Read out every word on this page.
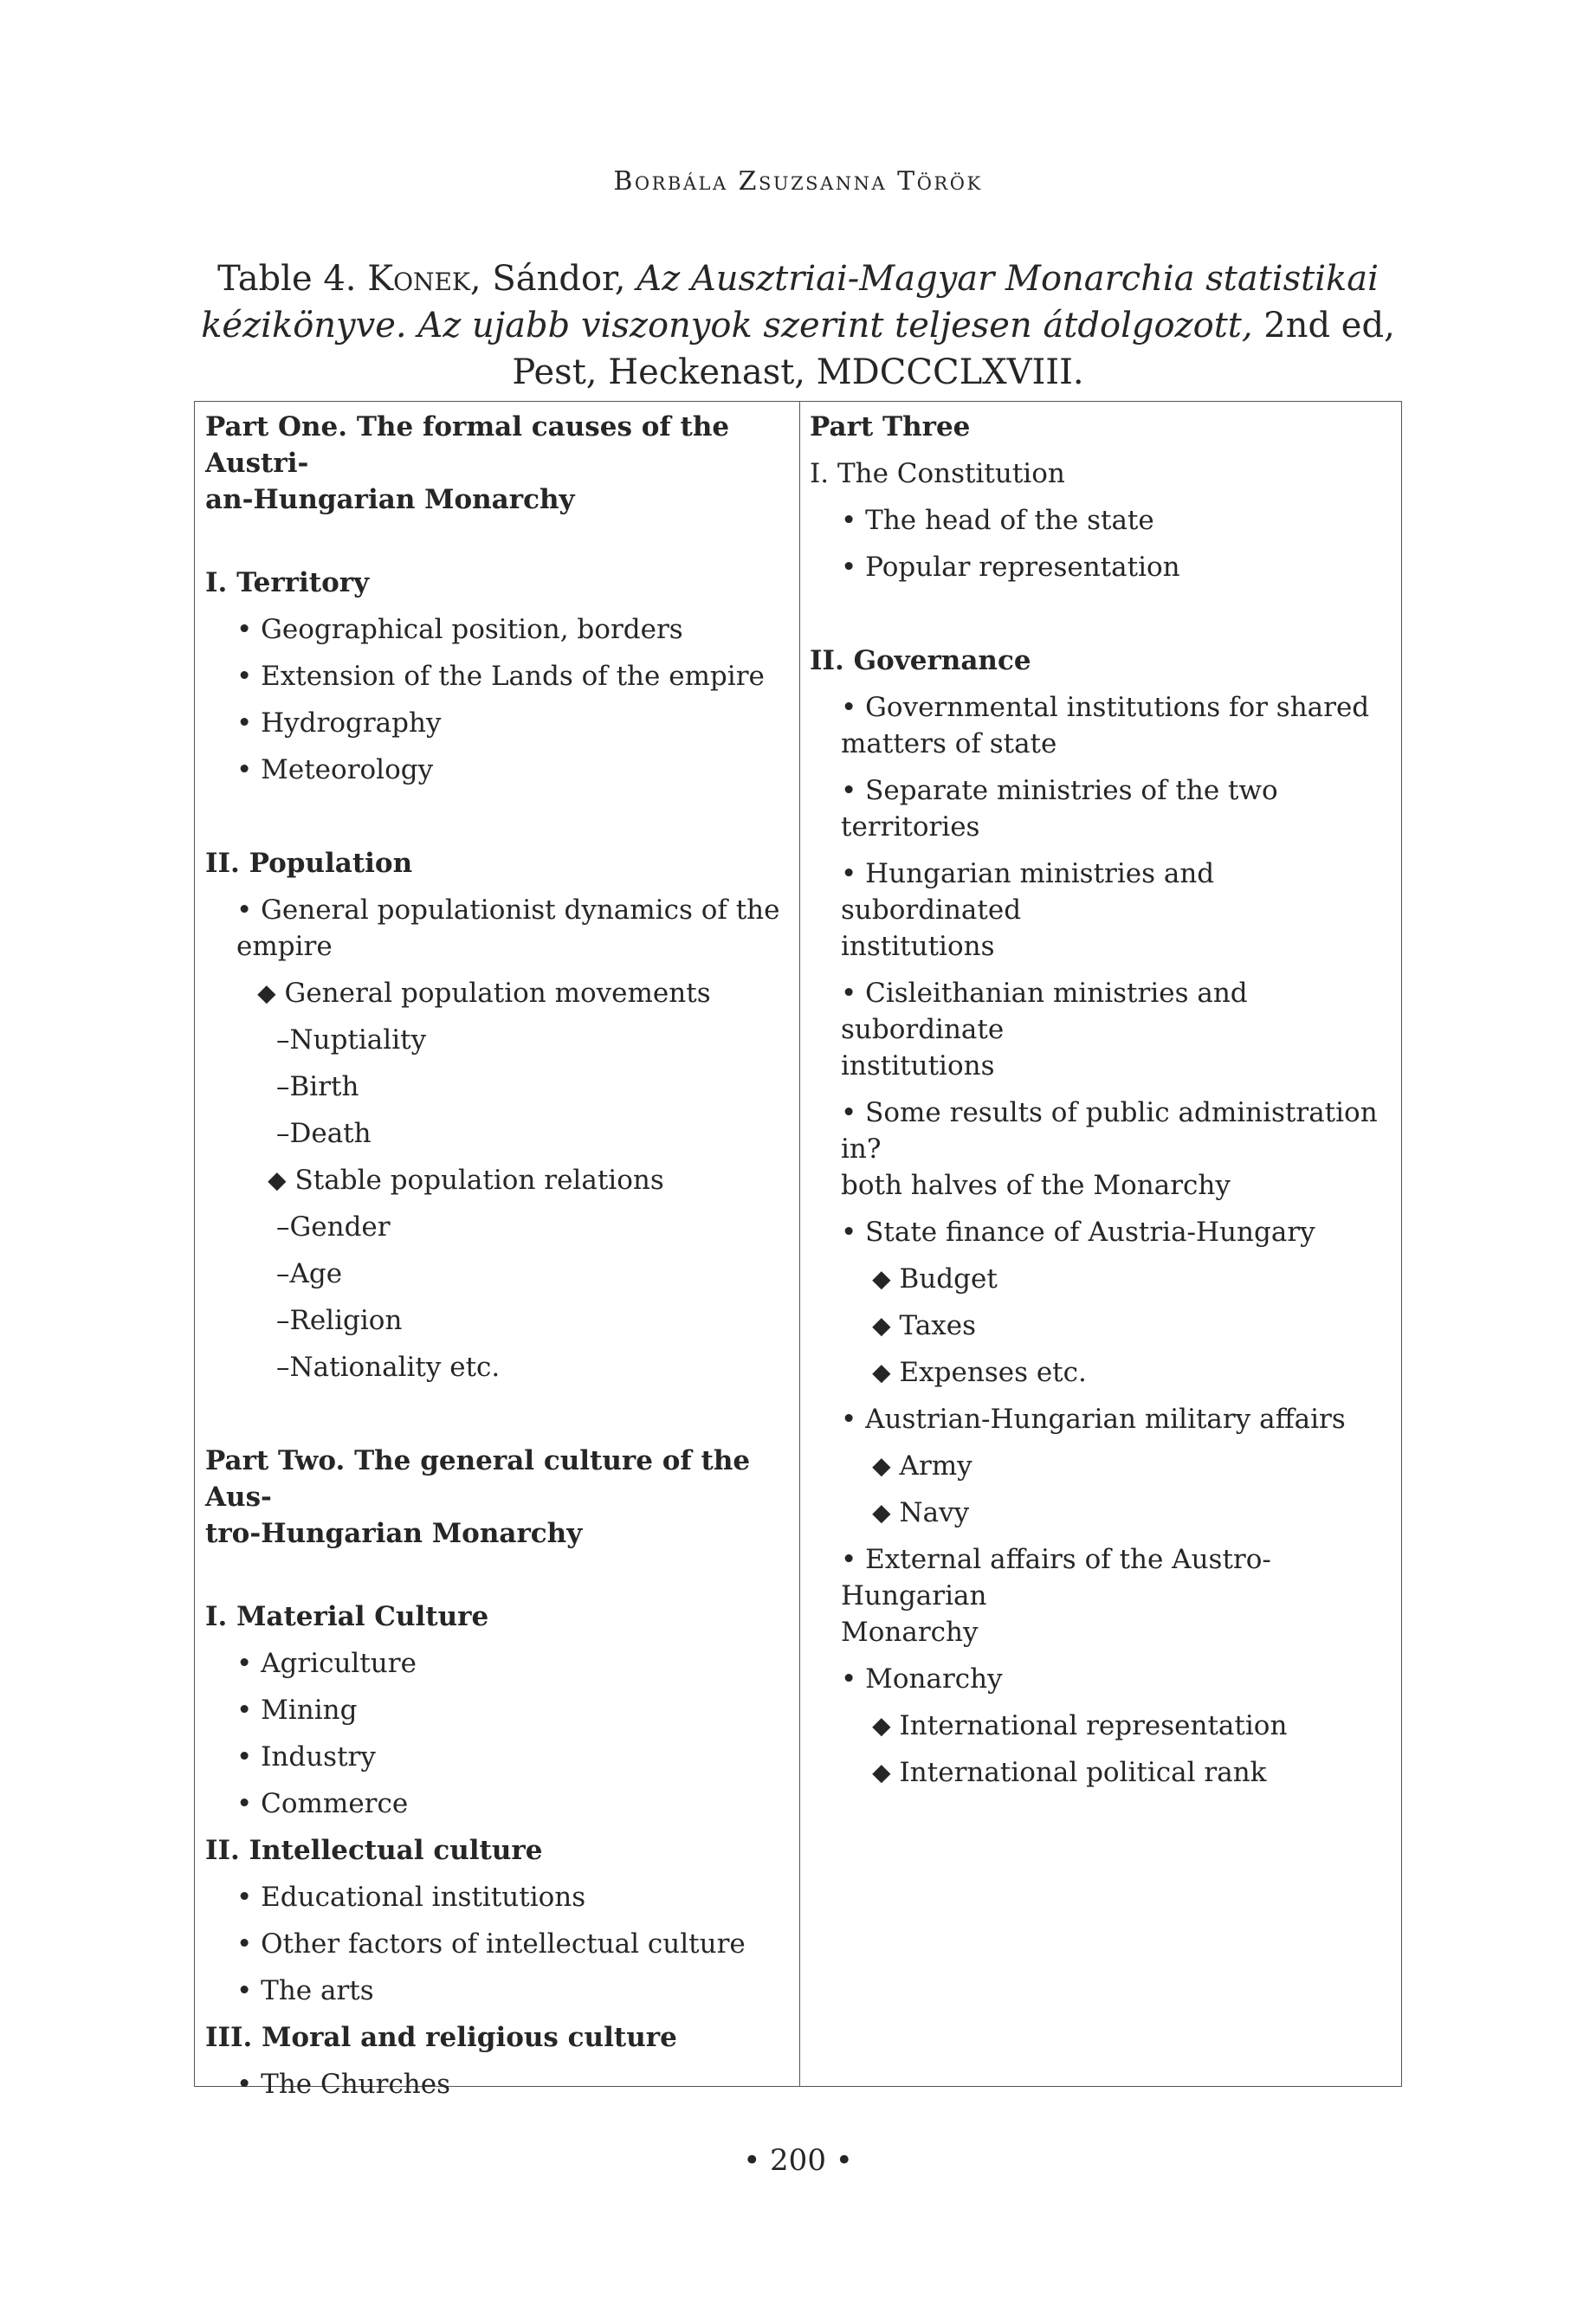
Borbála Zsuzsanna Török
Table 4. Konek, Sándor, Az Ausztriai-Magyar Monarchia statistikai kézikönyve. Az ujabb viszonyok szerint teljesen átdolgozott, 2nd ed, Pest, Heckenast, MDCCCLXVIII.
Part One. The formal causes of the Austri-
an-Hungarian Monarchy
I. Territory
• Geographical position, borders
• Extension of the Lands of the empire
• Hydrography
• Meteorology
II. Population
• General populationist dynamics of the
empire
⬥ General population movements
–Nuptiality
–Birth
–Death
⬥ Stable population relations
–Gender
–Age
–Religion
–Nationality etc.
Part Two. The general culture of the Aus-
tro-Hungarian Monarchy
I. Material Culture
• Agriculture
• Mining
• Industry
• Commerce
II. Intellectual culture
• Educational institutions
• Other factors of intellectual culture
• The arts
III. Moral and religious culture
• The Churches
Part Three
I. The Constitution
• The head of the state
• Popular representation
II. Governance
• Governmental institutions for shared
matters of state
• Separate ministries of the two territories
• Hungarian ministries and subordinated
institutions
• Cisleithanian ministries and subordinate
institutions
• Some results of public administration in?
both halves of the Monarchy
• State finance of Austria-Hungary
⬥ Budget
⬥ Taxes
⬥ Expenses etc.
• Austrian-Hungarian military affairs
⬥ Army
⬥ Navy
• External affairs of the Austro-Hungarian
Monarchy
• Monarchy
⬥ International representation
⬥ International political rank
• 200 •
